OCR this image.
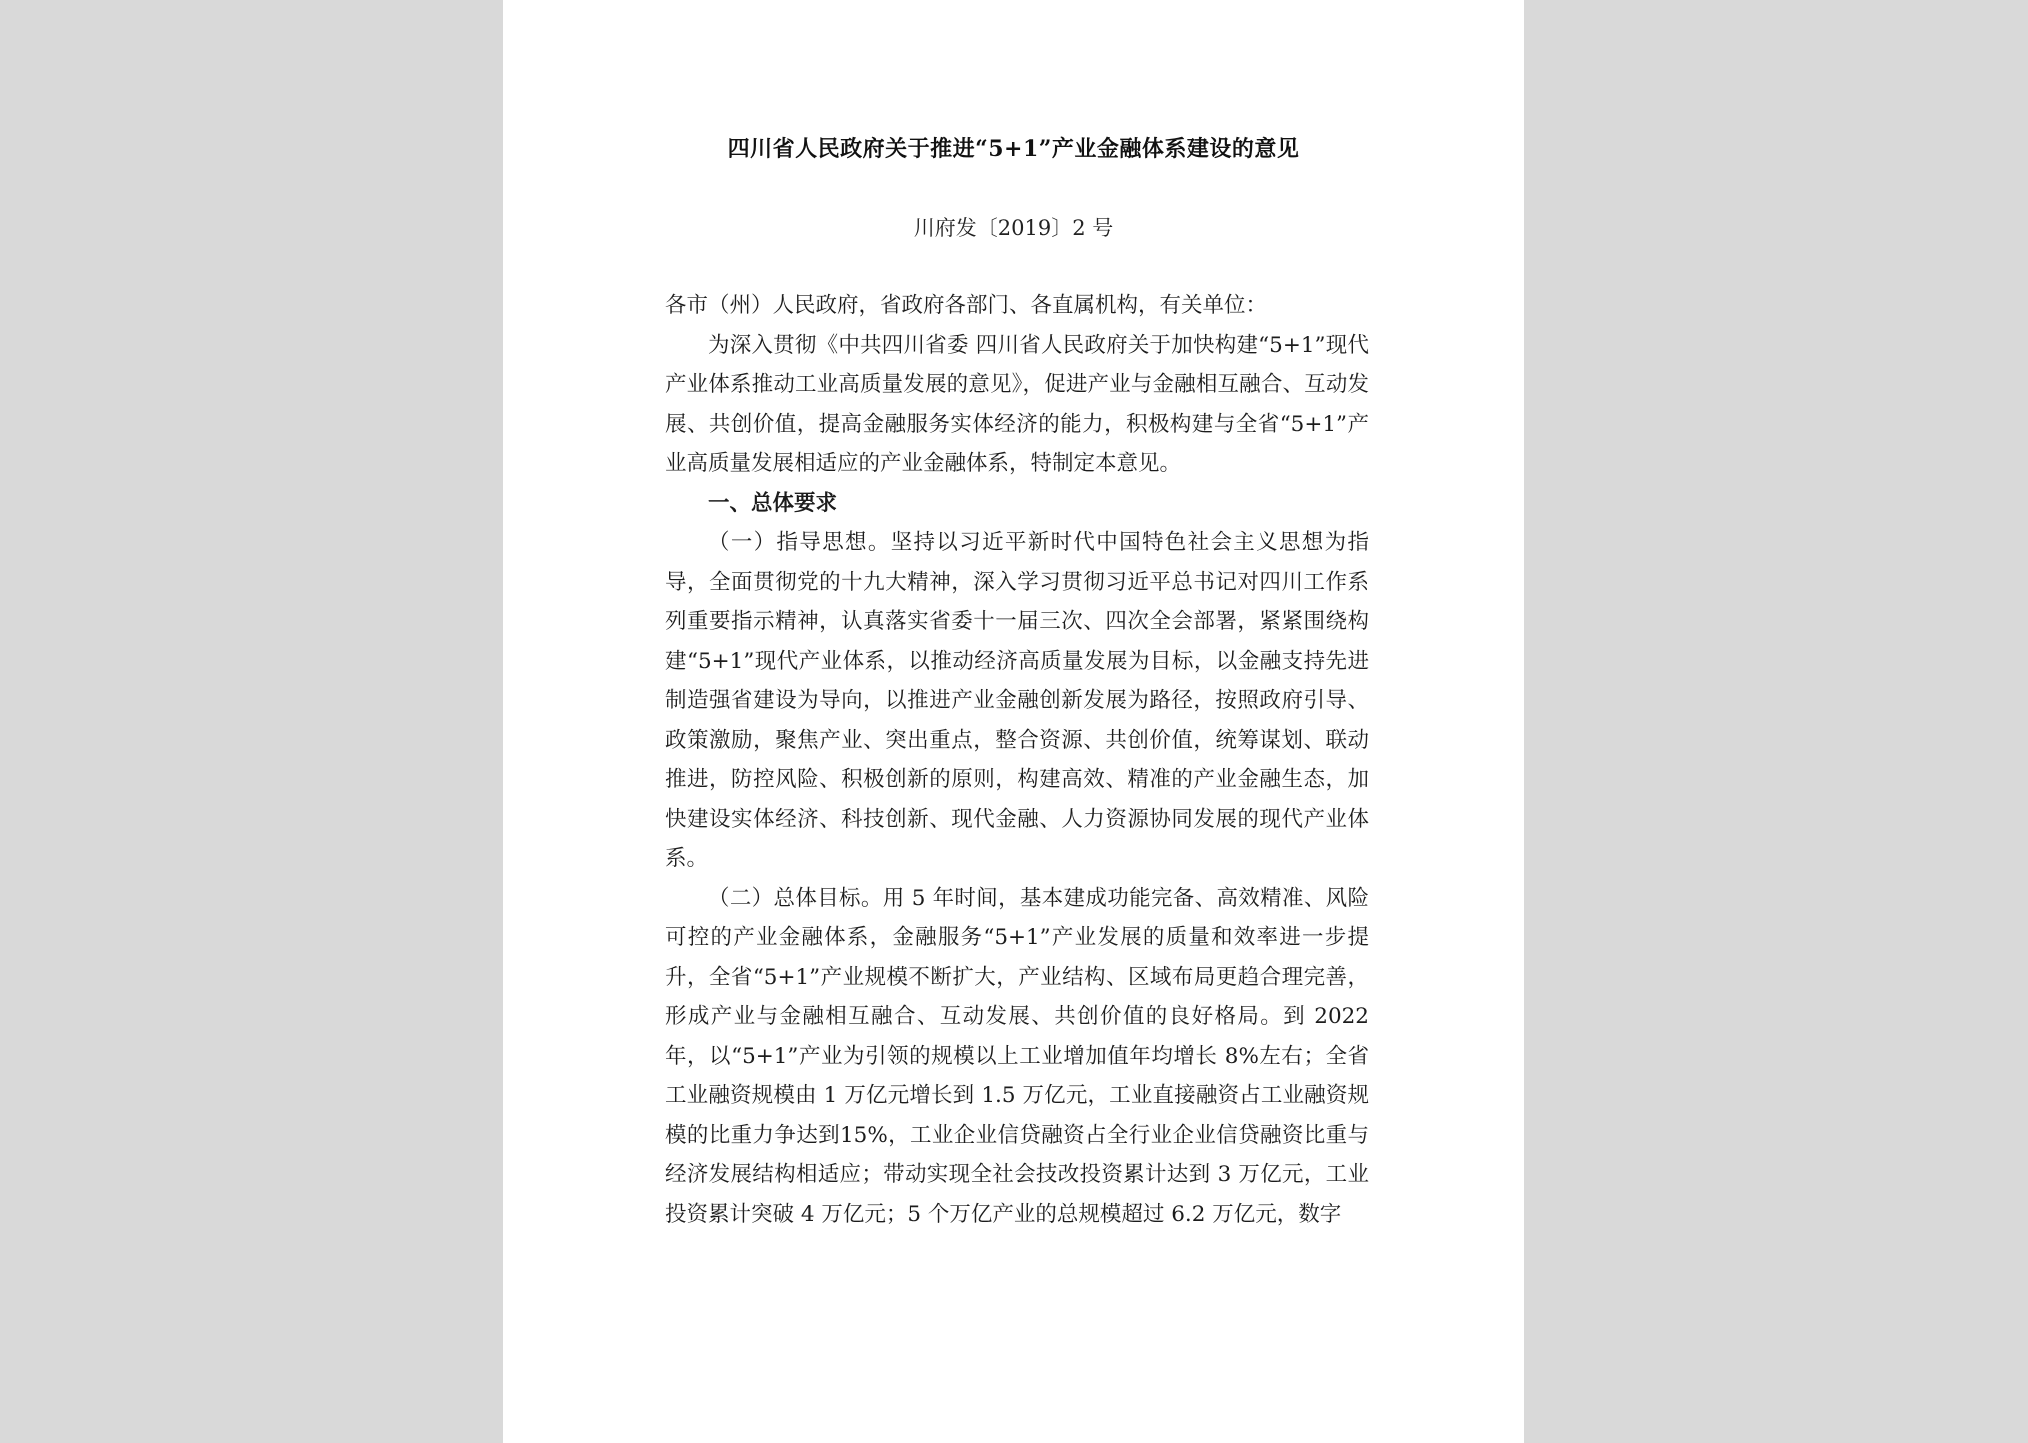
四川省人民政府关于推进“5+1”产业金融体系建设的意见
川府发〔2019〕2 号

各市（州）人民政府，省政府各部门、各直属机构，有关单位：

为深入贯彻《中共四川省委 四川省人民政府关于加快构建“5+1”现代产业体系推动工业高质量发展的意见》，促进产业与金融相互融合、互动发展、共创价值，提高金融服务实体经济的能力，积极构建与全省“5+1”产业高质量发展相适应的产业金融体系，特制定本意见。

一、总体要求

（一）指导思想。坚持以习近平新时代中国特色社会主义思想为指导，全面贯彻党的十九大精神，深入学习贯彻习近平总书记对四川工作系列重要指示精神，认真落实省委十一届三次、四次全会部署，紧紧围绕构建“5+1”现代产业体系，以推动经济高质量发展为目标，以金融支持先进制造强省建设为导向，以推进产业金融创新发展为路径，按照政府引导、政策激励，聚焦产业、突出重点，整合资源、共创价值，统筹谋划、联动推进，防控风险、积极创新的原则，构建高效、精准的产业金融生态，加快建设实体经济、科技创新、现代金融、人力资源协同发展的现代产业体系。

（二）总体目标。用 5 年时间，基本建成功能完备、高效精准、风险可控的产业金融体系，金融服务“5+1”产业发展的质量和效率进一步提升，全省“5+1”产业规模不断扩大，产业结构、区域布局更趋合理完善，形成产业与金融相互融合、互动发展、共创价值的良好格局。到 2022 年，以“5+1”产业为引领的规模以上工业增加值年均增长 8%左右；全省工业融资规模由 1 万亿元增长到 1.5 万亿元，工业直接融资占工业融资规模的比重力争达到15%，工业企业信贷融资占全行业企业信贷融资比重与经济发展结构相适应；带动实现全社会技改投资累计达到 3 万亿元，工业投资累计突破 4 万亿元；5 个万亿产业的总规模超过 6.2 万亿元，数字
